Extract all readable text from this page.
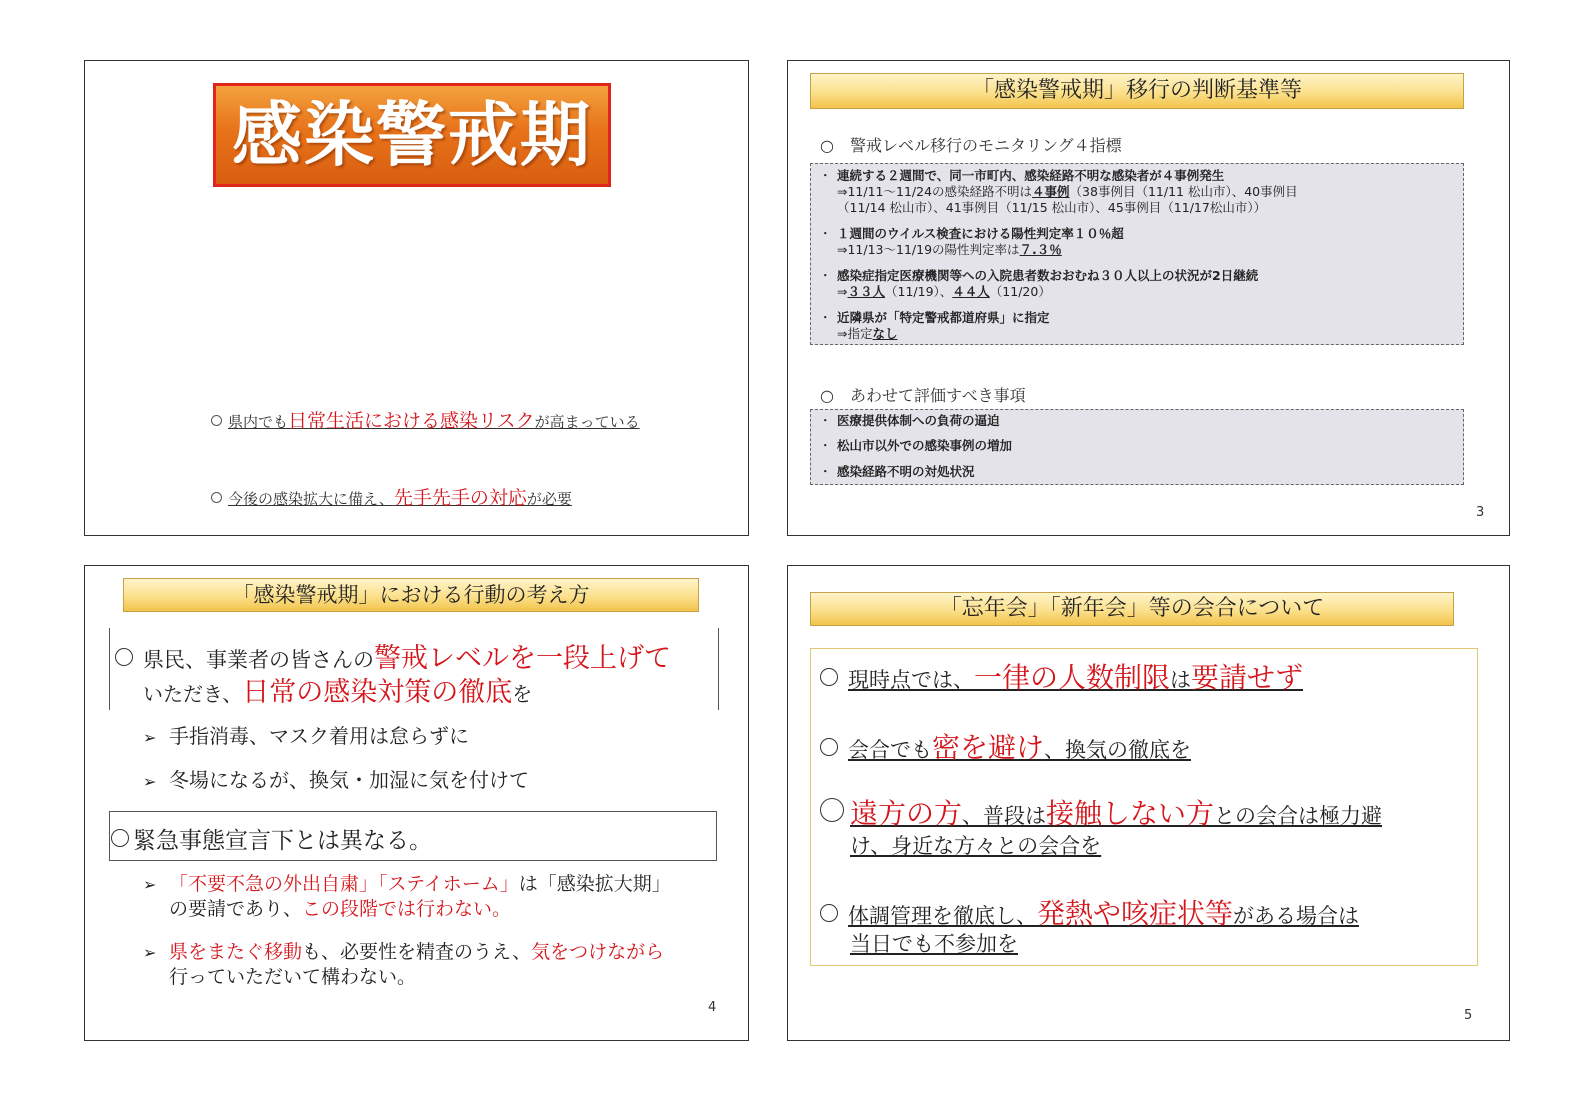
感染警戒期
県内でも日常生活における感染リスクが高まっている
今後の感染拡大に備え、先手先手の対応が必要
「感染警戒期」移行の判断基準等
○　警戒レベル移行のモニタリング４指標
・ 連続する２週間で、同一市町内、感染経路不明な感染者が４事例発生
⇒11/11～11/24の感染経路不明は４事例（38事例目（11/11 松山市）、40事例目
（11/14 松山市）、41事例目（11/15 松山市）、45事例目（11/17松山市））
・ １週間のウイルス検査における陽性判定率１０％超
⇒11/13～11/19の陽性判定率は７.３％
・ 感染症指定医療機関等への入院患者数おおむね３０人以上の状況が2日継続
⇒３３人（11/19）、４４人（11/20）
・ 近隣県が「特定警戒都道府県」に指定
⇒指定なし
○　あわせて評価すべき事項
・ 医療提供体制への負荷の逼迫
・ 松山市以外での感染事例の増加
・ 感染経路不明の対処状況
3
「感染警戒期」における行動の考え方
県民、事業者の皆さんの警戒レベルを一段上げて
いただき、日常の感染対策の徹底を
➢ 手指消毒、マスク着用は怠らずに
➢ 冬場になるが、換気・加湿に気を付けて
緊急事態宣言下とは異なる。
➢ 「不要不急の外出自粛」「ステイホーム」は「感染拡大期」
の要請であり、この段階では行わない。
➢ 県をまたぐ移動も、必要性を精査のうえ、気をつけながら
行っていただいて構わない。
4
「忘年会」「新年会」等の会合について
現時点では、一律の人数制限は要請せず
会合でも密を避け、換気の徹底を
遠方の方、普段は接触しない方との会合は極力避
け、身近な方々との会合を
体調管理を徹底し、発熱や咳症状等がある場合は
当日でも不参加を
5
